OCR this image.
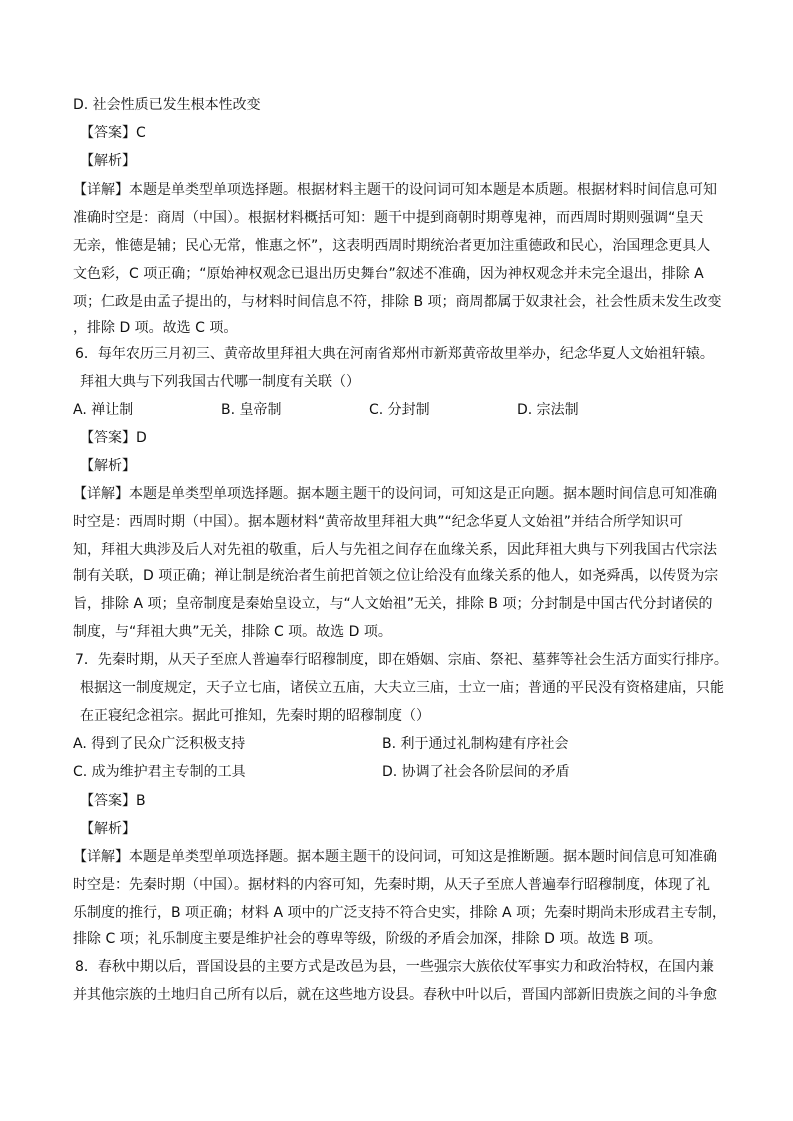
D. 社会性质已发生根本性改变
【答案】C
【解析】
【详解】本题是单类型单项选择题。根据材料主题干的设问词可知本题是本质题。根据材料时间信息可知
准确时空是：商周（中国）。根据材料概括可知：题干中提到商朝时期尊鬼神，而西周时期则强调“皇天
无亲，惟德是辅；民心无常，惟惠之怀”，这表明西周时期统治者更加注重德政和民心，治国理念更具人
文色彩，C 项正确；“原始神权观念已退出历史舞台”叙述不准确，因为神权观念并未完全退出，排除 A
项；仁政是由孟子提出的，与材料时间信息不符，排除 B 项；商周都属于奴隶社会，社会性质未发生改变
，排除 D 项。故选 C 项。
6．每年农历三月初三、黄帝故里拜祖大典在河南省郑州市新郑黄帝故里举办，纪念华夏人文始祖轩辕。
拜祖大典与下列我国古代哪一制度有关联（）
A. 禅让制	B. 皇帝制	C. 分封制	D. 宗法制
【答案】D
【解析】
【详解】本题是单类型单项选择题。据本题主题干的设问词，可知这是正向题。据本题时间信息可知准确
时空是：西周时期（中国）。据本题材料“黄帝故里拜祖大典”“纪念华夏人文始祖”并结合所学知识可
知，拜祖大典涉及后人对先祖的敬重，后人与先祖之间存在血缘关系，因此拜祖大典与下列我国古代宗法
制有关联，D 项正确；禅让制是统治者生前把首领之位让给没有血缘关系的他人，如尧舜禹，以传贤为宗
旨，排除 A 项；皇帝制度是秦始皇设立，与“人文始祖”无关，排除 B 项；分封制是中国古代分封诸侯的
制度，与“拜祖大典”无关，排除 C 项。故选 D 项。
7．先秦时期，从天子至庶人普遍奉行昭穆制度，即在婚姻、宗庙、祭祀、墓葬等社会生活方面实行排序。
根据这一制度规定，天子立七庙，诸侯立五庙，大夫立三庙，士立一庙；普通的平民没有资格建庙，只能
在正寝纪念祖宗。据此可推知，先秦时期的昭穆制度（）
A. 得到了民众广泛积极支持	B. 利于通过礼制构建有序社会
C. 成为维护君主专制的工具	D. 协调了社会各阶层间的矛盾
【答案】B
【解析】
【详解】本题是单类型单项选择题。据本题主题干的设问词，可知这是推断题。据本题时间信息可知准确
时空是：先秦时期（中国）。据材料的内容可知，先秦时期，从天子至庶人普遍奉行昭穆制度，体现了礼
乐制度的推行，B 项正确；材料 A 项中的广泛支持不符合史实，排除 A 项；先秦时期尚未形成君主专制，
排除 C 项；礼乐制度主要是维护社会的尊卑等级，阶级的矛盾会加深，排除 D 项。故选 B 项。
8．春秋中期以后，晋国设县的主要方式是改邑为县，一些强宗大族依仗军事实力和政治特权，在国内兼
并其他宗族的土地归自己所有以后，就在这些地方设县。春秋中叶以后，晋国内部新旧贵族之间的斗争愈
